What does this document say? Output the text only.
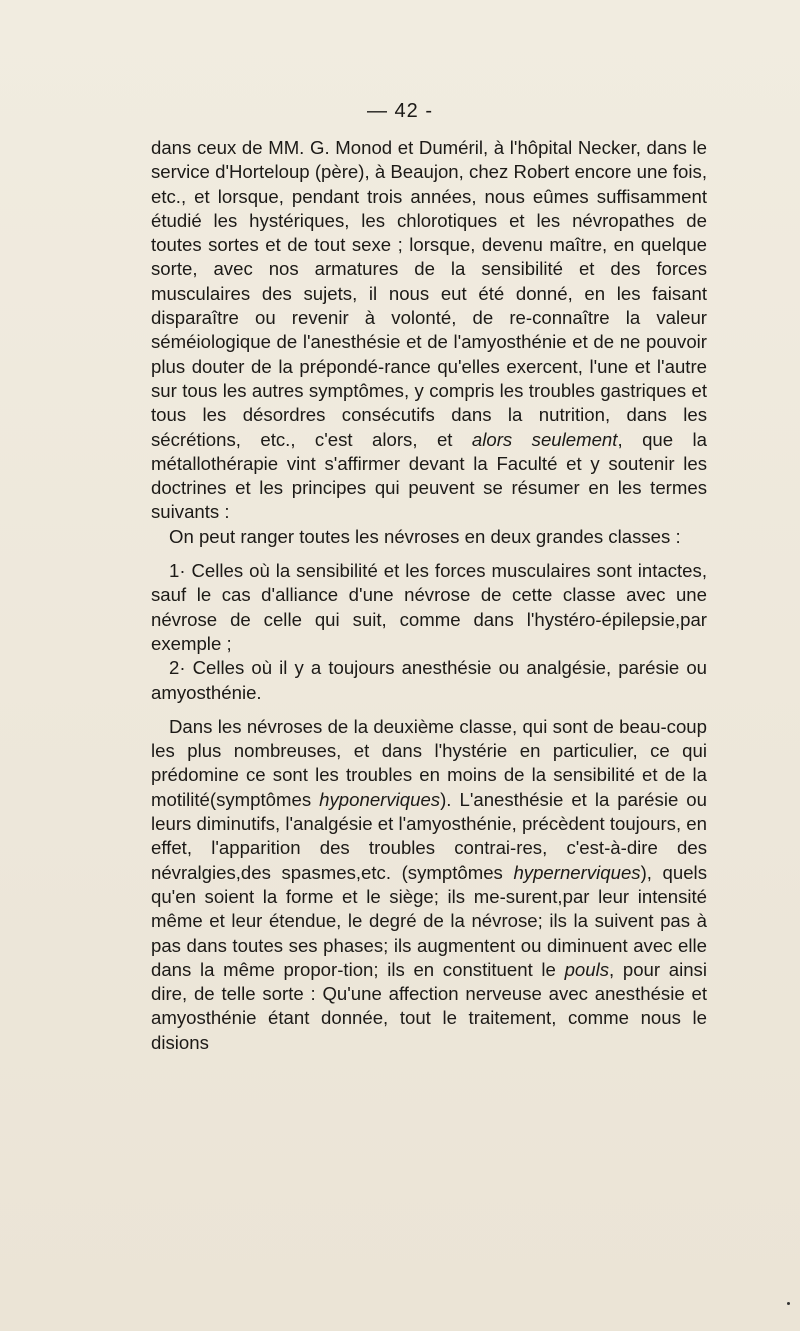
— 42 -

dans ceux de MM. G. Monod et Duméril, à l'hôpital Necker, dans le service d'Horteloup (père), à Beaujon, chez Robert encore une fois, etc., et lorsque, pendant trois années, nous eûmes suffisamment étudié les hystériques, les chlorotiques et les névropathes de toutes sortes et de tout sexe ; lorsque, devenu maître, en quelque sorte, avec nos armatures de la sensibilité et des forces musculaires des sujets, il nous eut été donné, en les faisant disparaître ou revenir à volonté, de re-connaître la valeur séméiologique de l'anesthésie et de l'amyosthénie et de ne pouvoir plus douter de la prépondé-rance qu'elles exercent, l'une et l'autre sur tous les autres symptômes, y compris les troubles gastriques et tous les désordres consécutifs dans la nutrition, dans les sécrétions, etc., c'est alors, et alors seulement, que la métallothérapie vint s'affirmer devant la Faculté et y soutenir les doctrines et les principes qui peuvent se résumer en les termes suivants :

On peut ranger toutes les névroses en deux grandes classes :

1· Celles où la sensibilité et les forces musculaires sont intactes, sauf le cas d'alliance d'une névrose de cette classe avec une névrose de celle qui suit, comme dans l'hystéro-épilepsie,par exemple ;

2· Celles où il y a toujours anesthésie ou analgésie, parésie ou amyosthénie.

Dans les névroses de la deuxième classe, qui sont de beau-coup les plus nombreuses, et dans l'hystérie en particulier, ce qui prédomine ce sont les troubles en moins de la sensibilité et de la motilité(symptômes hyponerviques). L'anesthésie et la parésie ou leurs diminutifs, l'analgésie et l'amyosthénie, précèdent toujours, en effet, l'apparition des troubles contrai-res, c'est-à-dire des névralgies,des spasmes,etc. (symptômes hypernerviques), quels qu'en soient la forme et le siège; ils me-surent,par leur intensité même et leur étendue, le degré de la névrose; ils la suivent pas à pas dans toutes ses phases; ils augmentent ou diminuent avec elle dans la même propor-tion; ils en constituent le pouls, pour ainsi dire, de telle sorte : Qu'une affection nerveuse avec anesthésie et amyosthénie étant donnée, tout le traitement, comme nous le disions
